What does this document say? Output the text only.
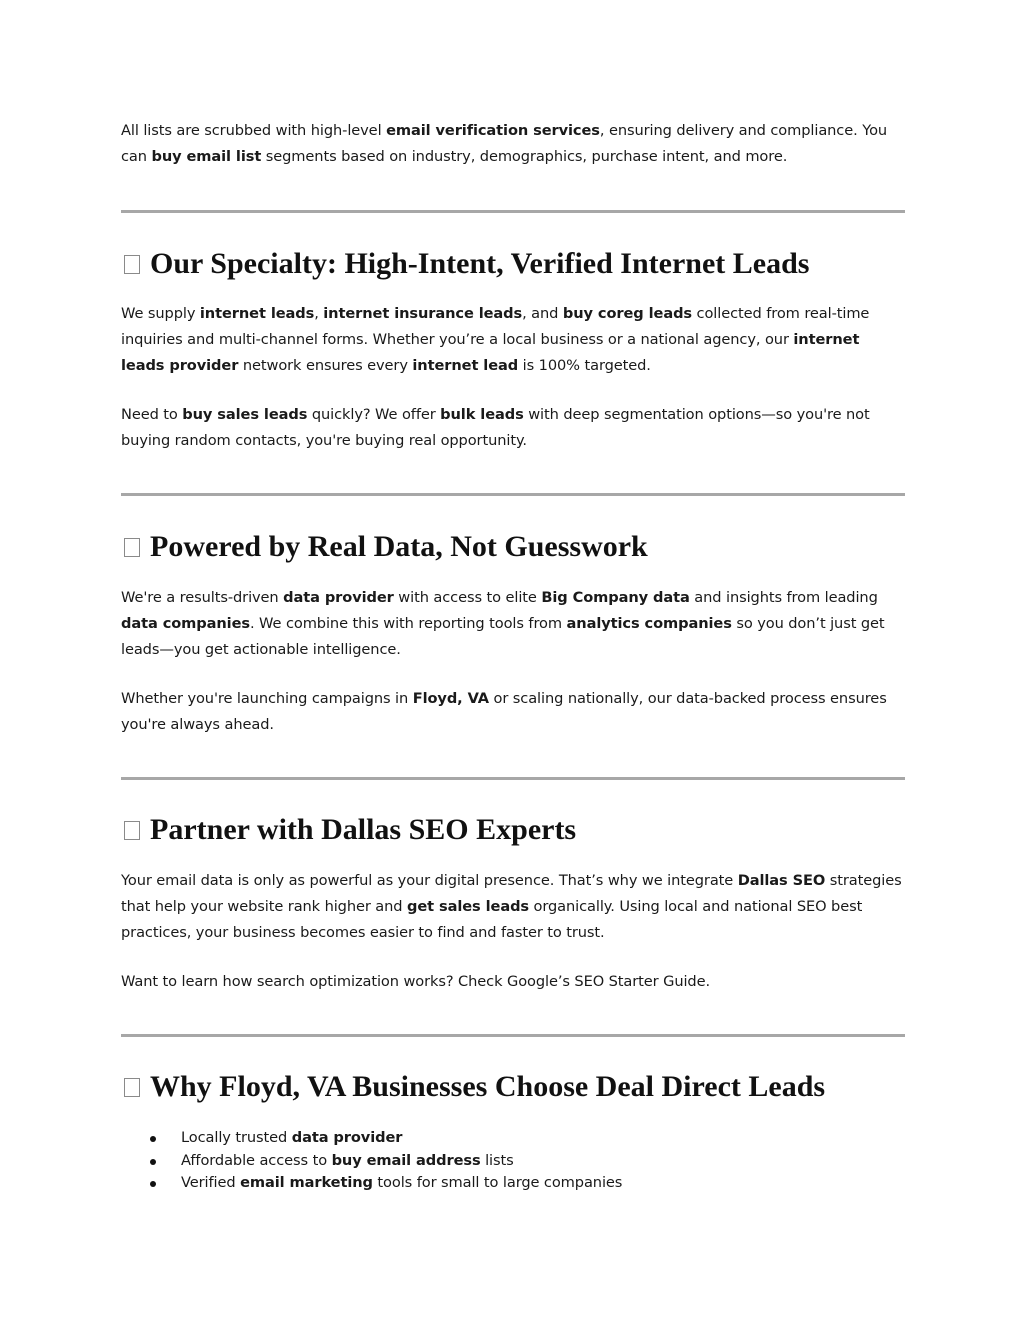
All lists are scrubbed with high-level email verification services, ensuring delivery and compliance. You can buy email list segments based on industry, demographics, purchase intent, and more.

Our Specialty: High-Intent, Verified Internet Leads

We supply internet leads, internet insurance leads, and buy coreg leads collected from real-time inquiries and multi-channel forms. Whether you’re a local business or a national agency, our internet leads provider network ensures every internet lead is 100% targeted.

Need to buy sales leads quickly? We offer bulk leads with deep segmentation options—so you're not buying random contacts, you're buying real opportunity.

Powered by Real Data, Not Guesswork

We're a results-driven data provider with access to elite Big Company data and insights from leading data companies. We combine this with reporting tools from analytics companies so you don’t just get leads—you get actionable intelligence.

Whether you're launching campaigns in Floyd, VA or scaling nationally, our data-backed process ensures you're always ahead.

Partner with Dallas SEO Experts

Your email data is only as powerful as your digital presence. That’s why we integrate Dallas SEO strategies that help your website rank higher and get sales leads organically. Using local and national SEO best practices, your business becomes easier to find and faster to trust.

Want to learn how search optimization works? Check Google’s SEO Starter Guide.

Why Floyd, VA Businesses Choose Deal Direct Leads
Locally trusted data provider
Affordable access to buy email address lists
Verified email marketing tools for small to large companies
